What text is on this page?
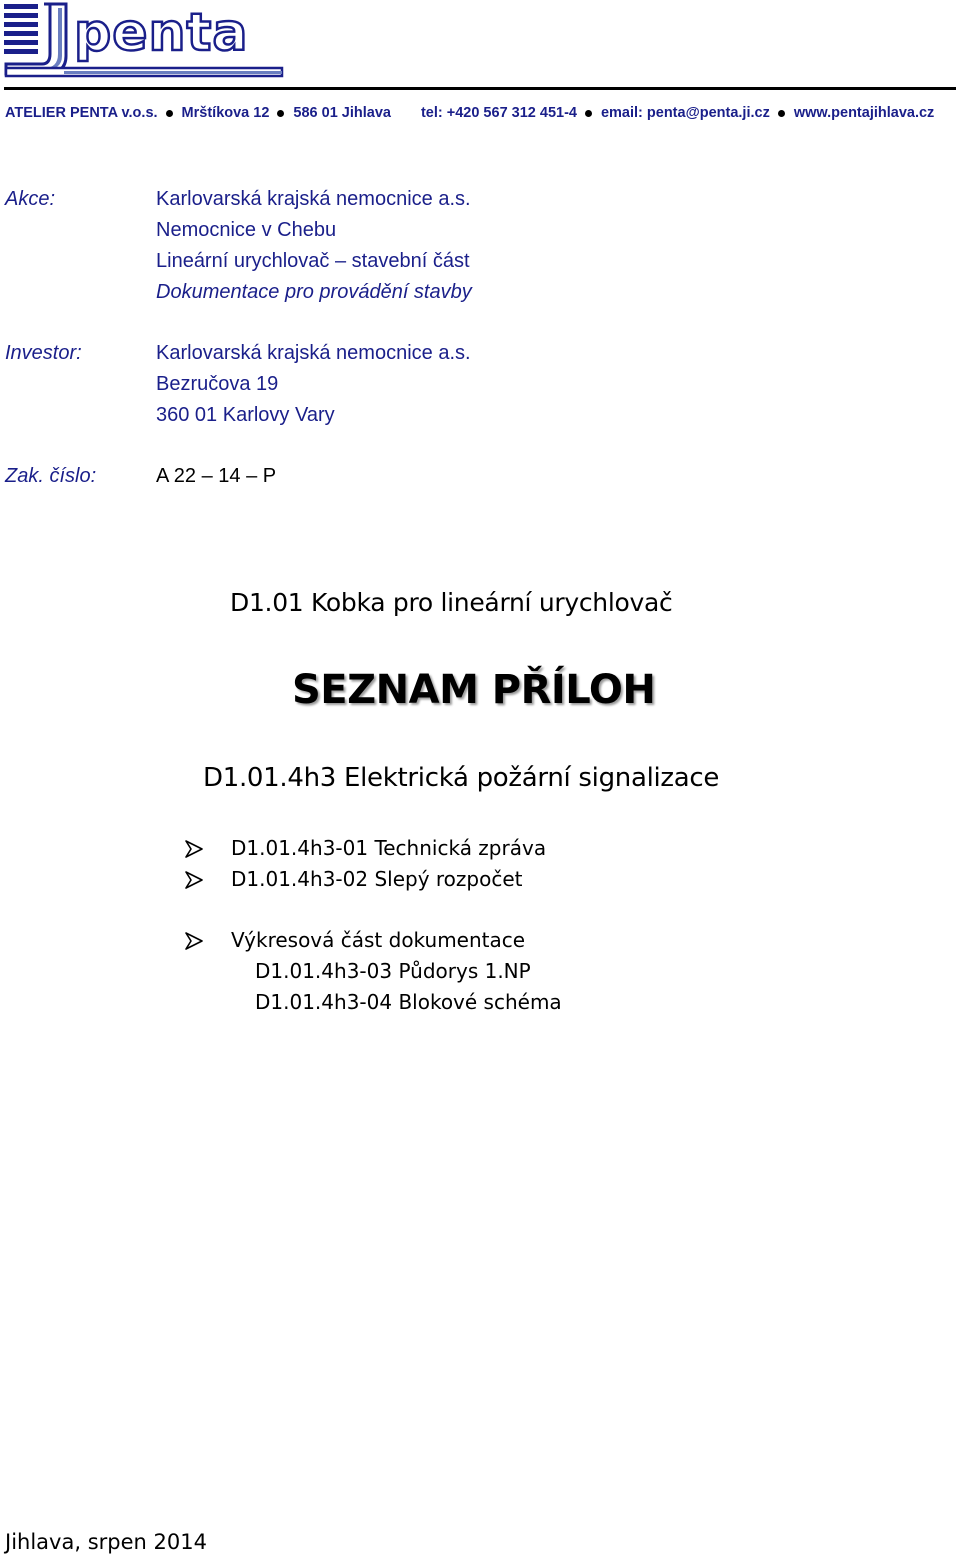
penta
ATELIER PENTA v.o.s. Mrštíkova 12 586 01 Jihlava tel: +420 567 312 451-4 email: penta@penta.ji.cz www.pentajihlava.cz
Akce:	Karlovarská krajská nemocnice a.s.
Nemocnice v Chebu
Lineární urychlovač – stavební část
Dokumentace pro provádění stavby
Investor:	Karlovarská krajská nemocnice a.s.
Bezručova 19
360 01 Karlovy Vary
Zak. číslo:	A 22 – 14 – P
D1.01 Kobka pro lineární urychlovač
SEZNAM PŘÍLOH
D1.01.4h3 Elektrická požární signalizace
D1.01.4h3-01 Technická zpráva
D1.01.4h3-02 Slepý rozpočet
Výkresová část dokumentace
D1.01.4h3-03 Půdorys 1.NP
D1.01.4h3-04 Blokové schéma
Jihlava, srpen 2014
